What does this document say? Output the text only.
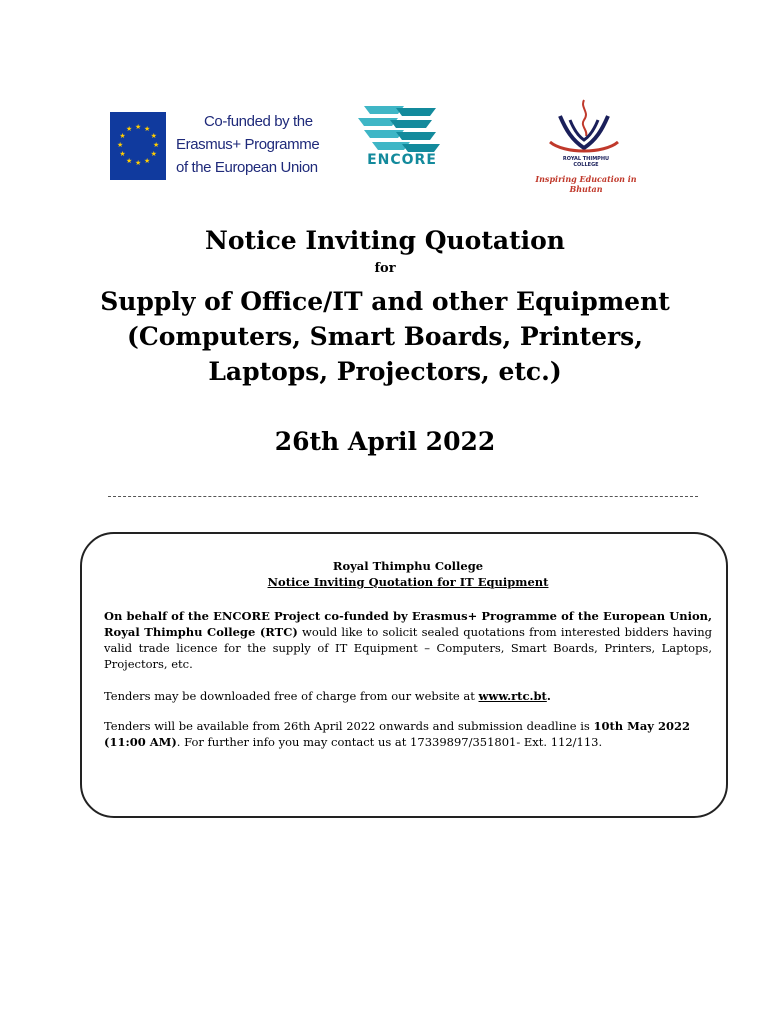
★ ★
★
★
★
★
★
★
★
★
★
★	Co-funded by the
Erasmus+ Programme
of the European Union	ENCORE	ROYAL THIMPHU
COLLEGE
Inspiring Education in Bhutan

Notice Inviting Quotation

for

Supply of Office/IT and other Equipment
(Computers, Smart Boards, Printers,
Laptops, Projectors, etc.)

26th April 2022

Royal Thimphu College

Notice Inviting Quotation for IT Equipment

On behalf of the ENCORE Project co-funded by Erasmus+ Programme of the European Union, Royal Thimphu College (RTC) would like to solicit sealed quotations from interested bidders having valid trade licence for the supply of IT Equipment – Computers, Smart Boards, Printers, Laptops, Projectors, etc.

Tenders may be downloaded free of charge from our website at www.rtc.bt.

Tenders will be available from 26th April 2022 onwards and submission deadline is 10th May 2022 (11:00 AM). For further info you may contact us at 17339897/351801- Ext. 112/113.
